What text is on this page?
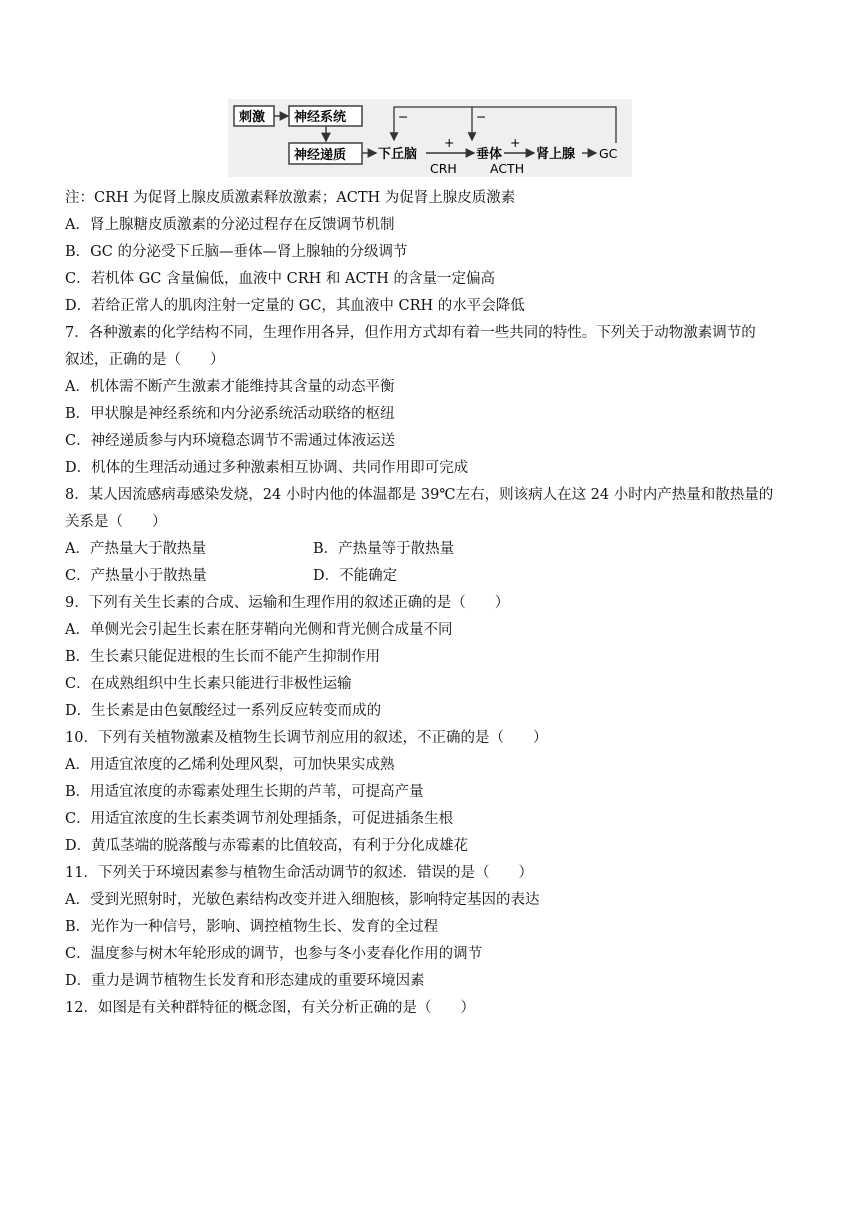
刺激 神经系统
神经递质 下丘脑
+
CRH
垂体
+
ACTH
肾上腺 GC
−	−
注：CRH 为促肾上腺皮质激素释放激素；ACTH 为促肾上腺皮质激素
A．肾上腺糖皮质激素的分泌过程存在反馈调节机制
B．GC 的分泌受下丘脑—垂体—肾上腺轴的分级调节
C．若机体 GC 含量偏低，血液中 CRH 和 ACTH 的含量一定偏高
D．若给正常人的肌肉注射一定量的 GC，其血液中 CRH 的水平会降低
7．各种激素的化学结构不同，生理作用各异，但作用方式却有着一些共同的特性。下列关于动物激素调节的
叙述，正确的是（　　）
A．机体需不断产生激素才能维持其含量的动态平衡
B．甲状腺是神经系统和内分泌系统活动联络的枢纽
C．神经递质参与内环境稳态调节不需通过体液运送
D．机体的生理活动通过多种激素相互协调、共同作用即可完成
8．某人因流感病毒感染发烧，24 小时内他的体温都是 39℃左右，则该病人在这 24 小时内产热量和散热量的
关系是（　　）
A．产热量大于散热量	B．产热量等于散热量
C．产热量小于散热量	D．不能确定
9．下列有关生长素的合成、运输和生理作用的叙述正确的是（　　）
A．单侧光会引起生长素在胚芽鞘向光侧和背光侧合成量不同
B．生长素只能促进根的生长而不能产生抑制作用
C．在成熟组织中生长素只能进行非极性运输
D．生长素是由色氨酸经过一系列反应转变而成的
10．下列有关植物激素及植物生长调节剂应用的叙述，不正确的是（　　）
A．用适宜浓度的乙烯利处理风梨，可加快果实成熟
B．用适宜浓度的赤霉素处理生长期的芦苇，可提高产量
C．用适宜浓度的生长素类调节剂处理插条，可促进插条生根
D．黄瓜茎端的脱落酸与赤霉素的比值较高，有利于分化成雄花
11．下列关于环境因素参与植物生命活动调节的叙述．错误的是（　　）
A．受到光照射时，光敏色素结构改变并进入细胞核，影响特定基因的表达
B．光作为一种信号，影响、调控植物生长、发育的全过程
C．温度参与树木年轮形成的调节，也参与冬小麦春化作用的调节
D．重力是调节植物生长发育和形态建成的重要环境因素
12．如图是有关种群特征的概念图，有关分析正确的是（　　）
